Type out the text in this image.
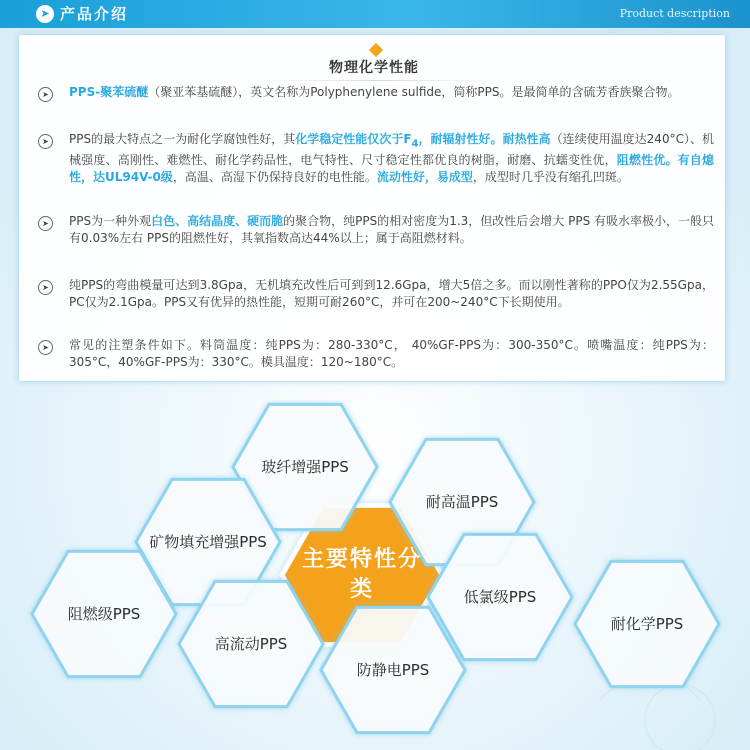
➤ 产品介绍	Product description
物理化学性能
➤	PPS-聚苯硫醚（聚亚苯基硫醚），英文名称为Polyphenylene sulfide，简称PPS。是最简单的含硫芳香族聚合物。
➤	PPS的最大特点之一为耐化学腐蚀性好，其化学稳定性能仅次于$F_4$，耐辐射性好。耐热性高（连续使用温度达240°C）、机械强度、高刚性、难燃性、耐化学药品性，电气特性、尺寸稳定性都优良的树脂，耐磨、抗蠕变性优，阻燃性优。有自熄性，达UL94V-0级，高温、高湿下仍保持良好的电性能。流动性好，易成型，成型时几乎没有缩孔凹斑。
➤	PPS为一种外观白色、高结晶度、硬而脆的聚合物，纯PPS的相对密度为1.3，但改性后会增大 PPS 有吸水率极小，一般只有0.03%左右 PPS的阻燃性好，其氧指数高达44%以上；属于高阻燃材料。
➤	纯PPS的弯曲模量可达到3.8Gpa，无机填充改性后可到到12.6Gpa，增大5倍之多。而以刚性著称的PPO仅为2.55Gpa，PC仅为2.1Gpa。PPS又有优异的热性能，短期可耐260°C，并可在200~240°C下长期使用。
➤	常见的注塑条件如下。料筒温度：纯PPS为：280-330°C， 40%GF-PPS为：300-350°C。喷嘴温度：纯PPS为：305°C，40%GF-PPS为：330°C。模具温度：120~180°C。
主要特性分类
玻纤增强PPS
耐高温PPS
矿物填充增强PPS
低氯级PPS
阻燃级PPS
高流动PPS
防静电PPS
耐化学PPS
